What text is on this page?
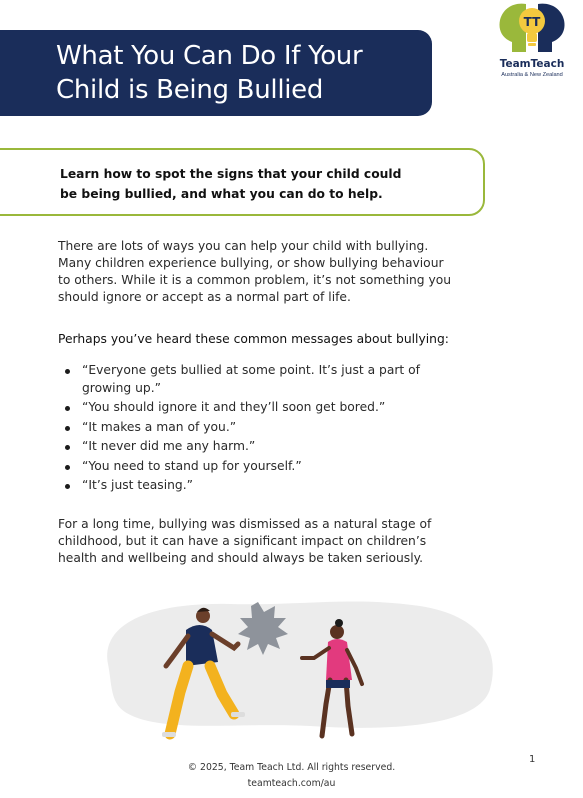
What You Can Do If Your
Child is Being Bullied
TT
TeamTeach
Australia & New Zealand

Learn how to spot the signs that your child could
be being bullied, and what you can do to help.

There are lots of ways you can help your child with bullying.
Many children experience bullying, or show bullying behaviour
to others. While it is a common problem, it’s not something you
should ignore or accept as a normal part of life.

Perhaps you’ve heard these common messages about bullying:

“Everyone gets bullied at some point. It’s just a part of
growing up.”
“You should ignore it and they’ll soon get bored.”
“It makes a man of you.”
“It never did me any harm.”
“You need to stand up for yourself.”
“It’s just teasing.”

For a long time, bullying was dismissed as a natural stage of
childhood, but it can have a significant impact on children’s
health and wellbeing and should always be taken seriously.

© 2025, Team Teach Ltd. All rights reserved.

teamteach.com/au

1
